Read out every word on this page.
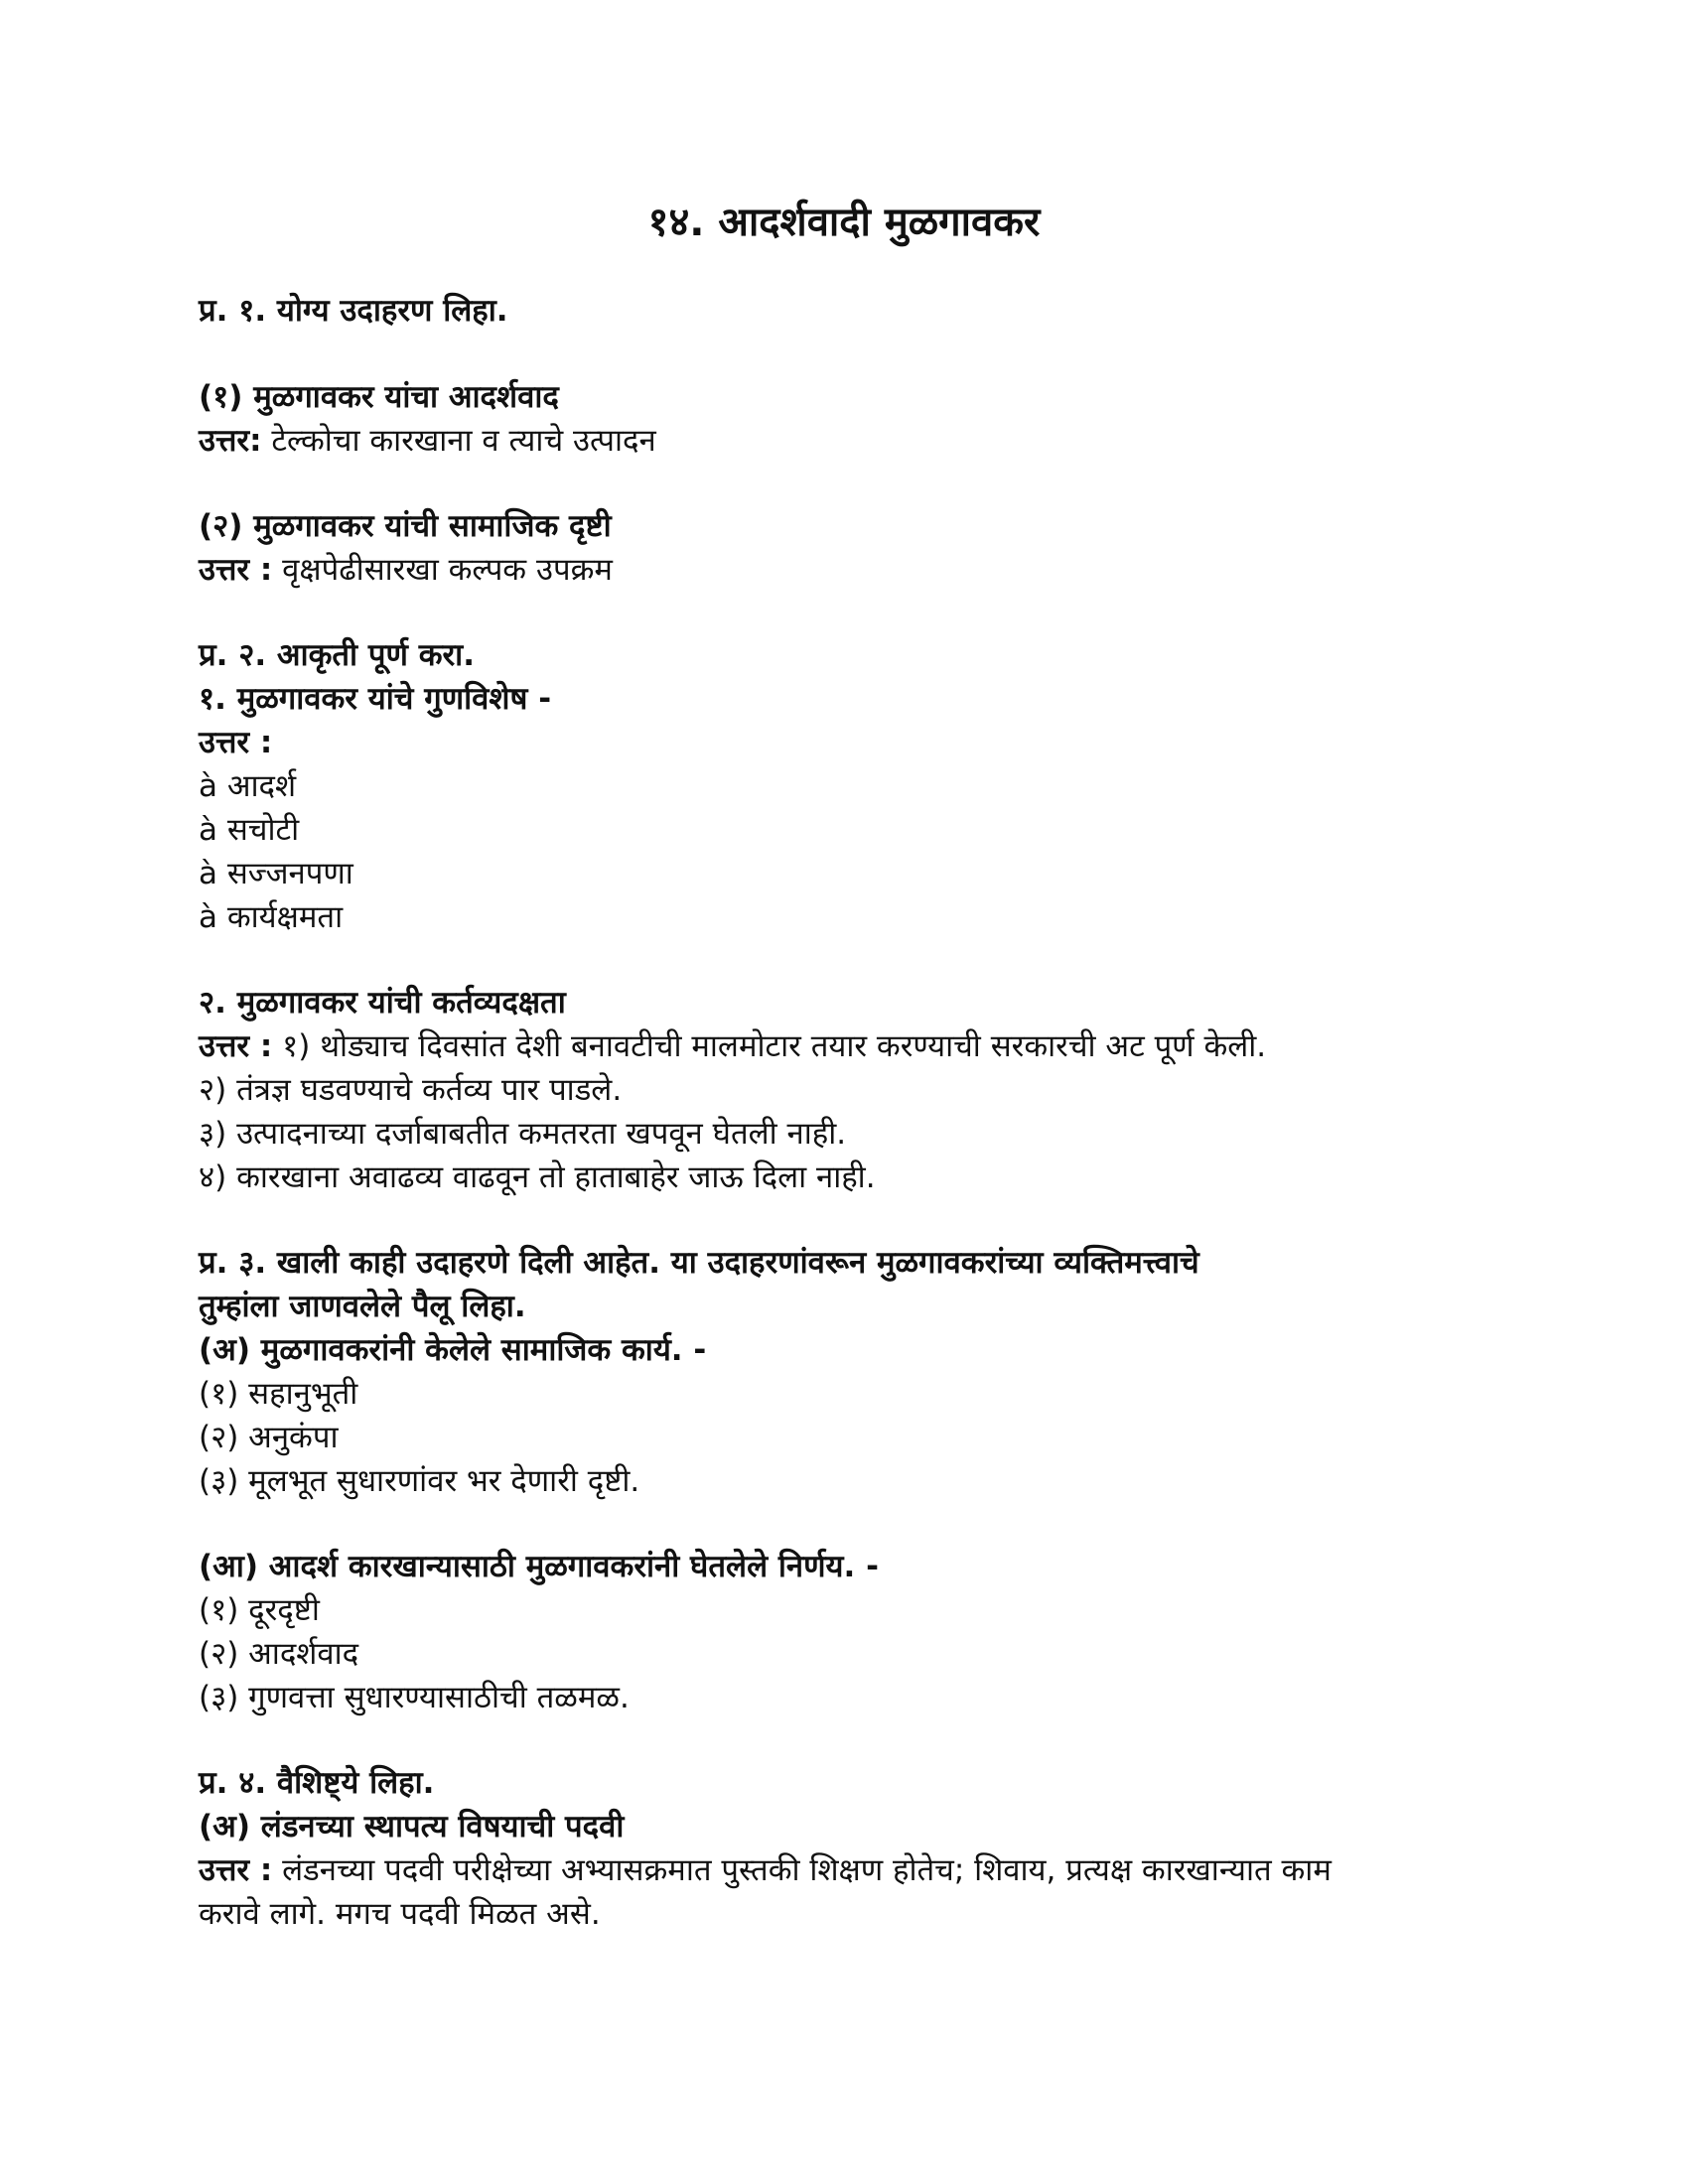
१४. आदर्शवादी मुळगावकर
प्र. १. योग्य उदाहरण लिहा.
(१) मुळगावकर यांचा आदर्शवाद
उत्तर: टेल्कोचा कारखाना व त्याचे उत्पादन
(२) मुळगावकर यांची सामाजिक दृष्टी
उत्तर : वृक्षपेढीसारखा कल्पक उपक्रम
प्र. २. आकृती पूर्ण करा.
१. मुळगावकर यांचे गुणविशेष -
उत्तर :
à आदर्श
à सचोटी
à सज्जनपणा
à कार्यक्षमता
२. मुळगावकर यांची कर्तव्यदक्षता
उत्तर : १) थोड्याच दिवसांत देशी बनावटीची मालमोटार तयार करण्याची सरकारची अट पूर्ण केली.
२) तंत्रज्ञ घडवण्याचे कर्तव्य पार पाडले.
३) उत्पादनाच्या दर्जाबाबतीत कमतरता खपवून घेतली नाही.
४) कारखाना अवाढव्य वाढवून तो हाताबाहेर जाऊ दिला नाही.
प्र. ३. खाली काही उदाहरणे दिली आहेत. या उदाहरणांवरून मुळगावकरांच्या व्यक्तिमत्त्वाचे
तुम्हांला जाणवलेले पैलू लिहा.
(अ) मुळगावकरांनी केलेले सामाजिक कार्य. -
(१) सहानुभूती
(२) अनुकंपा
(३) मूलभूत सुधारणांवर भर देणारी दृष्टी.
(आ) आदर्श कारखान्यासाठी मुळगावकरांनी घेतलेले निर्णय. -
(१) दूरदृष्टी
(२) आदर्शवाद
(३) गुणवत्ता सुधारण्यासाठीची तळमळ.
प्र. ४. वैशिष्ट्ये लिहा.
(अ) लंडनच्या स्थापत्य विषयाची पदवी
उत्तर : लंडनच्या पदवी परीक्षेच्या अभ्यासक्रमात पुस्तकी शिक्षण होतेच; शिवाय, प्रत्यक्ष कारखान्यात काम
करावे लागे. मगच पदवी मिळत असे.
